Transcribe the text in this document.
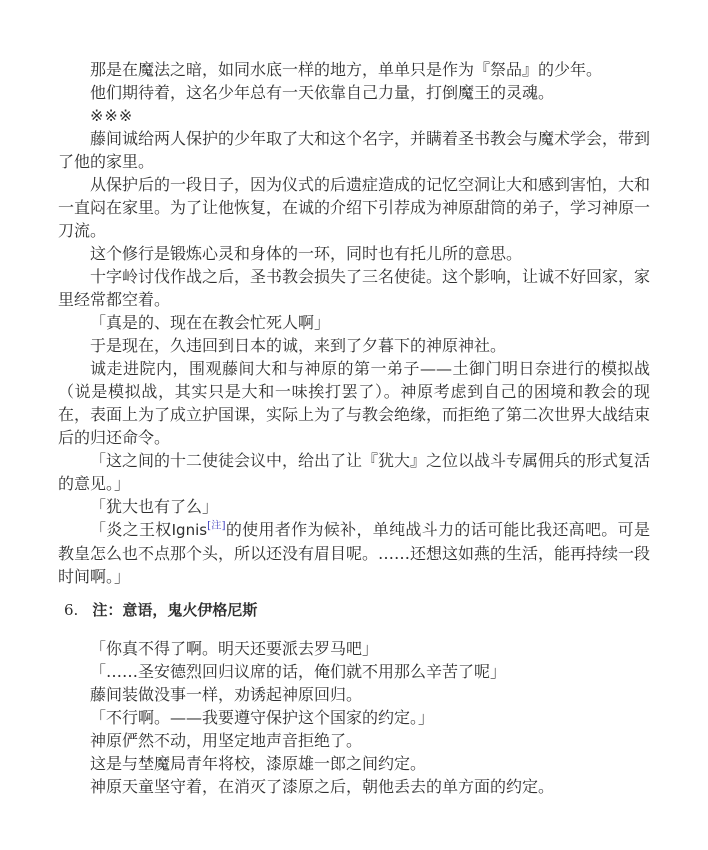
那是在魔法之暗，如同水底一样的地方，单单只是作为『祭品』的少年。

他们期待着，这名少年总有一天依靠自己力量，打倒魔王的灵魂。

※※※

藤间诚给两人保护的少年取了大和这个名字，并瞒着圣书教会与魔术学会，带到了他的家里。

从保护后的一段日子，因为仪式的后遗症造成的记忆空洞让大和感到害怕，大和一直闷在家里。为了让他恢复，在诚的介绍下引荐成为神原甜筒的弟子，学习神原一刀流。

这个修行是锻炼心灵和身体的一环，同时也有托儿所的意思。

十字岭讨伐作战之后，圣书教会损失了三名使徒。这个影响，让诚不好回家，家里经常都空着。

「真是的、现在在教会忙死人啊」

于是现在，久违回到日本的诚，来到了夕暮下的神原神社。

诚走进院内，围观藤间大和与神原的第一弟子——土御门明日奈进行的模拟战（说是模拟战，其实只是大和一味挨打罢了）。神原考虑到自己的困境和教会的现在，表面上为了成立护国课，实际上为了与教会绝缘，而拒绝了第二次世界大战结束后的归还命令。

「这之间的十二使徒会议中，给出了让『犹大』之位以战斗专属佣兵的形式复活的意见。」

「犹大也有了么」

「炎之王权Ignis[注]的使用者作为候补，单纯战斗力的话可能比我还高吧。可是教皇怎么也不点那个头，所以还没有眉目呢。……还想这如燕的生活，能再持续一段时间啊。」

6. 注：意语，鬼火伊格尼斯

「你真不得了啊。明天还要派去罗马吧」

「……圣安德烈回归议席的话，俺们就不用那么辛苦了呢」

藤间装做没事一样，劝诱起神原回归。

「不行啊。——我要遵守保护这个国家的约定。」

神原俨然不动，用坚定地声音拒绝了。

这是与埜魔局青年将校，漆原雄一郎之间约定。

神原天童坚守着，在消灭了漆原之后，朝他丢去的单方面的约定。
